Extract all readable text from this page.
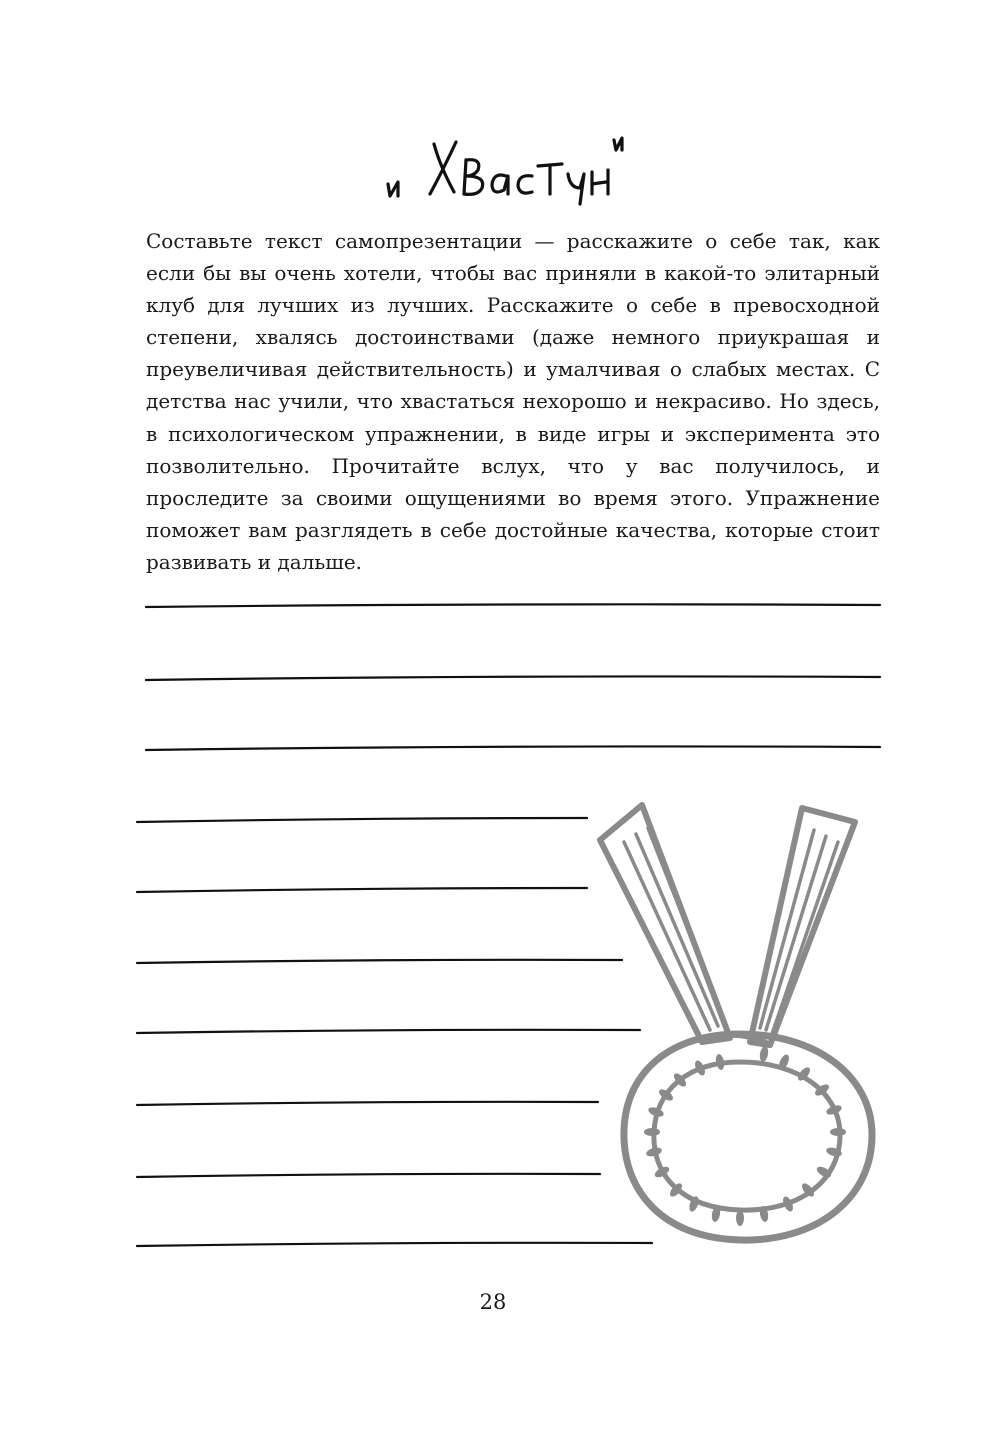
Составьте текст самопрезентации — расскажите о себе так, как если бы вы очень хотели, чтобы вас приняли в какой-то элитарный клуб для лучших из лучших. Расскажите о себе в превосходной степени, хвалясь достоинствами (даже немного приукрашая и преувеличивая действительность) и умалчивая о слабых местах. С детства нас учили, что хвастаться нехорошо и некрасиво. Но здесь, в психологическом упражнении, в виде игры и эксперимента это позволительно. Прочитайте вслух, что у вас получилось, и проследите за своими ощущениями во время этого. Упражнение поможет вам разглядеть в себе достойные качества, которые стоит развивать и дальше.

28
